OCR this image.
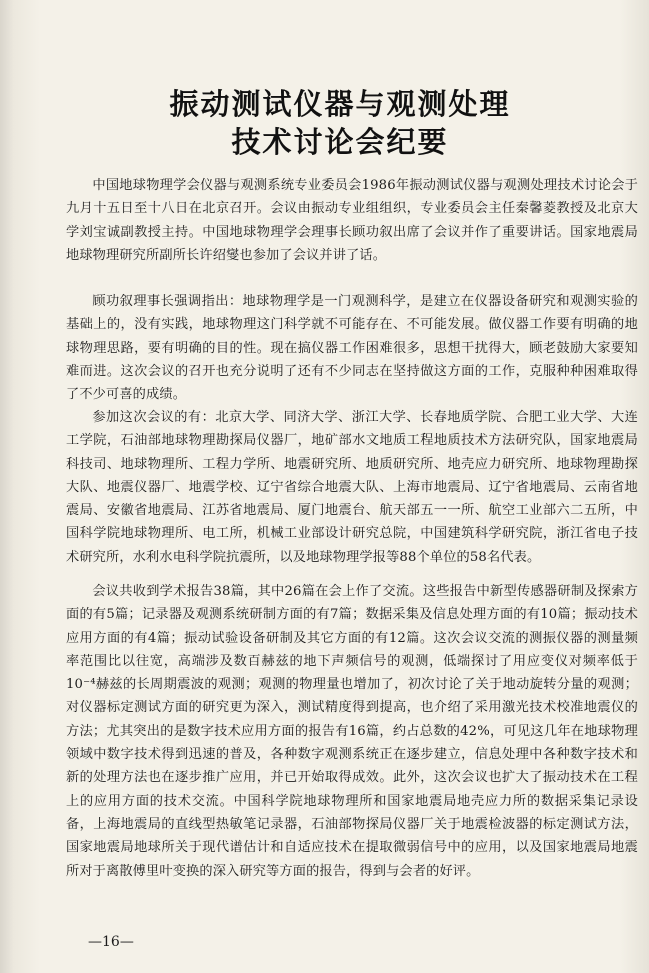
振动测试仪器与观测处理
技术讨论会纪要

中国地球物理学会仪器与观测系统专业委员会1986年振动测试仪器与观测处理技术讨论会于九月十五日至十八日在北京召开。会议由振动专业组组织，专业委员会主任秦馨菱教授及北京大学刘宝诚副教授主持。中国地球物理学会理事长顾功叙出席了会议并作了重要讲话。国家地震局地球物理研究所副所长许绍燮也参加了会议并讲了话。

顾功叙理事长强调指出：地球物理学是一门观测科学，是建立在仪器设备研究和观测实验的基础上的，没有实践，地球物理这门科学就不可能存在、不可能发展。做仪器工作要有明确的地球物理思路，要有明确的目的性。现在搞仪器工作困难很多，思想干扰得大，顾老鼓励大家要知难而进。这次会议的召开也充分说明了还有不少同志在坚持做这方面的工作，克服种种困难取得了不少可喜的成绩。

参加这次会议的有：北京大学、同济大学、浙江大学、长春地质学院、合肥工业大学、大连工学院，石油部地球物理勘探局仪器厂，地矿部水文地质工程地质技术方法研究队，国家地震局科技司、地球物理所、工程力学所、地震研究所、地质研究所、地壳应力研究所、地球物理勘探大队、地震仪器厂、地震学校、辽宁省综合地震大队、上海市地震局、辽宁省地震局、云南省地震局、安徽省地震局、江苏省地震局、厦门地震台、航天部五一一所、航空工业部六二五所，中国科学院地球物理所、电工所，机械工业部设计研究总院，中国建筑科学研究院，浙江省电子技术研究所，水利水电科学院抗震所，以及地球物理学报等88个单位的58名代表。

会议共收到学术报告38篇，其中26篇在会上作了交流。这些报告中新型传感器研制及探索方面的有5篇；记录器及观测系统研制方面的有7篇；数据采集及信息处理方面的有10篇；振动技术应用方面的有4篇；振动试验设备研制及其它方面的有12篇。这次会议交流的测振仪器的测量频率范围比以往宽，高端涉及数百赫兹的地下声频信号的观测，低端探讨了用应变仪对频率低于10⁻⁴赫兹的长周期震波的观测；观测的物理量也增加了，初次讨论了关于地动旋转分量的观测；对仪器标定测试方面的研究更为深入，测试精度得到提高，也介绍了采用激光技术校准地震仪的方法；尤其突出的是数字技术应用方面的报告有16篇，约占总数的42%，可见这几年在地球物理领域中数字技术得到迅速的普及，各种数字观测系统正在逐步建立，信息处理中各种数字技术和新的处理方法也在逐步推广应用，并已开始取得成效。此外，这次会议也扩大了振动技术在工程上的应用方面的技术交流。中国科学院地球物理所和国家地震局地壳应力所的数据采集记录设备，上海地震局的直线型热敏笔记录器，石油部物探局仪器厂关于地震检波器的标定测试方法，国家地震局地球所关于现代谱估计和自适应技术在提取微弱信号中的应用，以及国家地震局地震所对于离散傅里叶变换的深入研究等方面的报告，得到与会者的好评。

—16—
